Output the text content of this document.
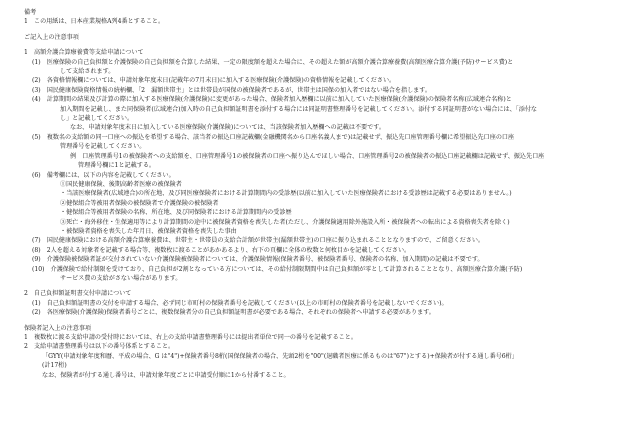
備考
1　この用紙は、日本産業規格A列4番とすること。
ご記入上の注意事項
1　高額介護合算療養費等支給申請について
(1)　医療保険の自己負担額と介護保険の自己負担額を合算した結果、一定の限度額を超えた場合に、その超えた額が高額介護合算療養費(高額医療合算介護(予防)サービス費)と
して支給されます。
(2)　各資格情報欄については、申請対象年度末日(記載年の7月末日)に加入する医療保険(介護保険)の資格情報を記載してください。
(3)　国民健康保険資格情報の続柄欄、「2　漏額世帯主」とは世帯員が国保の被保険者であるが、世帯主は国保の加入者ではない場合を指します。
(4)　計算期間の結果及び計算の際に加入する医療保険(介護保険)に変更があった場合、保険者加入歴欄に以前に加入していた医療保険(介護保険)の保険者名称(広域連合名称)と
加入期間を記載し、また同保険者(広域連合)加入時の自己負担額証明書を添付する場合には同証明書整理番号を記載してください。添付する同証明書がない場合には、「添付な
し」と記載してください。
なお、申請対象年度末日に加入している医療保険(介護保険)については、当該保険者加入歴欄への記載は不要です。
(5)　複数名の支給額の同一口座への振込を希望する場合、該当者の振込口座記載欄(金融機関名から口座名義人まで)は記載せず、振込先口座管理番号欄に希望振込先口座の口座
管理番号を記載してください。
例　口座管理番号1の被保険者への支給額を、口座管理番号1の被保険者の口座へ振り込んでほしい場合、口座管理番号2の被保険者の振込口座記載欄は記載せず、振込先口座
管理番号欄に1と記載する。
(6)　備考欄には、以下の内容を記載してください。
①国民健康保険、後期高齢者医療の被保険者
・当該医療保険者(広域連合)の所在地、及び同医療保険者における計算期間内の受診歴(以前に加入していた医療保険者における受診歴は記載する必要はありません。)
②健保組合等被用者保険の被保険者で介護保険の被保険者
・健保組合等被用者保険の名称、所在地、及び同保険者における計算期間内の受診歴
③死亡・海外移住・生保適用等により計算期間の途中に被保険者資格を喪失した者(ただし、介護保険適用除外施設入所・被保険者への転出による資格喪失者を除く)
・被保険者資格を喪失した年月日、被保険者資格を喪失した事由
(7)　国民健康保険における高額介護合算療養費は、世帯主・世帯員の支給合計額が世帯主(漏額世帯主)の口座に振り込まれることとなりますので、ご留意ください。
(8)　2人を超える対象者を記載する場合等、複数枚に渡ることがあかあるより、右下の頁欄に全体の枚数と何枚目かを記載してください。
(9)　介護保険被保険者証が交付されていない介護保険被保険者については、介護保険情報(保険者番号、被保険者番号、保険者の名称、加入期間)の記載は不要です。
(10)　介護保険で給付制限を受けており、自己負担が2割となっている方については、その給付制限期間中は自己負担額が零として計算されることとなり、高額医療合算介護(予防)
サービス費の支給がさない場合があります。
2　自己負担額証明書交付申請について
(1)　自己負担額証明書の交付を申請する場合、必ず同じ市町村の保険者番号を記載してください(以上の市町村の保険者番号を記載しないでください)。
(2)　各医療保険(介護保険)保険者番号ごとに、複数保険者分の自己負担額証明書が必要である場合、それぞれの保険者へ申請する必要があります。
保険者記入上の注意事項
1　複数枚に渡る支給申請の受付時においては、右上の支給申請書整理番号には提出者単位で同一の番号を記載すること。
2　支給申請書整理番号は以下の番号体系とすること。
「GYY(申請対象年度和暦、平成の場合、G は"4")+保険者番号8桁(国保保険者の場合、先頭2桁を"00"(退職者医療に係るものは"67")とする)+保険者が付する通し番号6桁」
(計17桁)
なお、保険者が付する通し番号は、申請対象年度ごとに申請受付順に1から付番すること。
